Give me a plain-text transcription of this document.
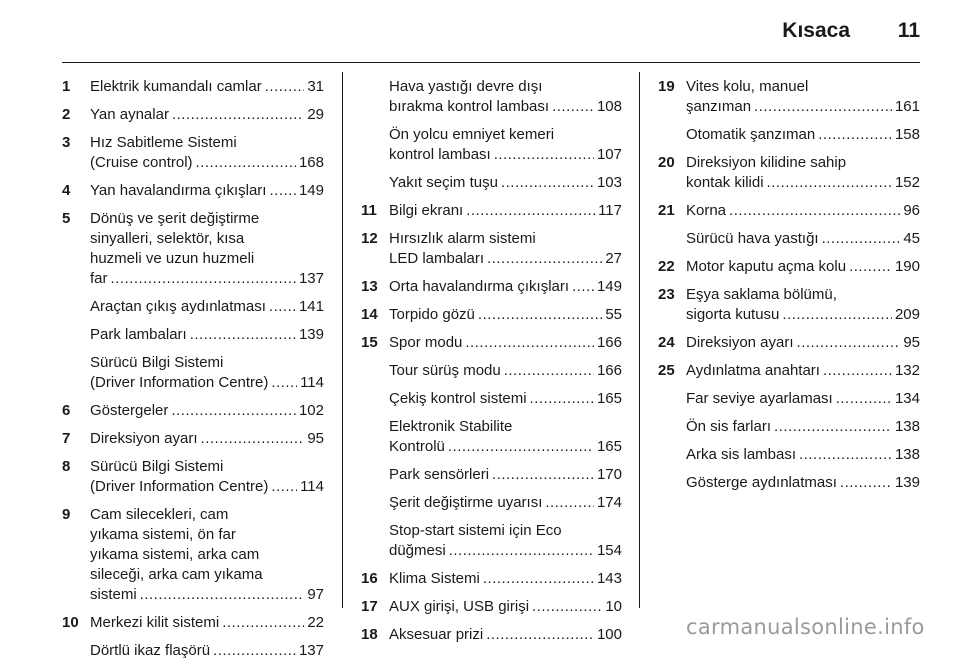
Kısaca	11
1	Elektrik kumandalı camlar .....	31
2	Yan aynalar .....	29
3	Hız Sabitleme Sistemi
(Cruise control) .....	168
4	Yan havalandırma çıkışları ..... 149
5	Dönüş ve şerit değiştirme
sinyalleri, selektör, kısa
huzmeli ve uzun huzmeli
far .....	137
Araçtan çıkış aydınlatması ..... 141
Park lambaları .....	139
Sürücü Bilgi Sistemi
(Driver Information Centre) ..... 114
6	Göstergeler .....	102
7	Direksiyon ayarı .....	95
8	Sürücü Bilgi Sistemi
(Driver Information Centre) ..... 114
9	Cam silecekleri, cam
yıkama sistemi, ön far
yıkama sistemi, arka cam
sileceği, arka cam yıkama
sistemi .....	97
10 Merkezi kilit sistemi .....	22
Dörtlü ikaz flaşörü .....	137
Hava yastığı devre dışı
bırakma kontrol lambası .....	108
Ön yolcu emniyet kemeri
kontrol lambası .....	107
Yakıt seçim tuşu .....	103
11 Bilgi ekranı .....	117
12 Hırsızlık alarm sistemi
LED lambaları .....	27
13 Orta havalandırma çıkışları ..... 149
14 Torpido gözü .....	55
15 Spor modu .....	166
Tour sürüş modu .....	166
Çekiş kontrol sistemi .....	165
Elektronik Stabilite
Kontrolü .....	165
Park sensörleri .....	170
Şerit değiştirme uyarısı .....	174
Stop-start sistemi için Eco
düğmesi .....	154
16 Klima Sistemi .....	143
17 AUX girişi, USB girişi .....	10
18 Aksesuar prizi .....	100
19 Vites kolu, manuel
şanzıman .....	161
Otomatik şanzıman .....	158
20 Direksiyon kilidine sahip
kontak kilidi .....	152
21 Korna .....	96
Sürücü hava yastığı .....	45
22 Motor kaputu açma kolu .....	190
23 Eşya saklama bölümü,
sigorta kutusu .....	209
24 Direksiyon ayarı .....	95
25 Aydınlatma anahtarı .....	132
Far seviye ayarlaması .....	134
Ön sis farları .....	138
Arka sis lambası .....	138
Gösterge aydınlatması .....	139
carmanualsonline.info
